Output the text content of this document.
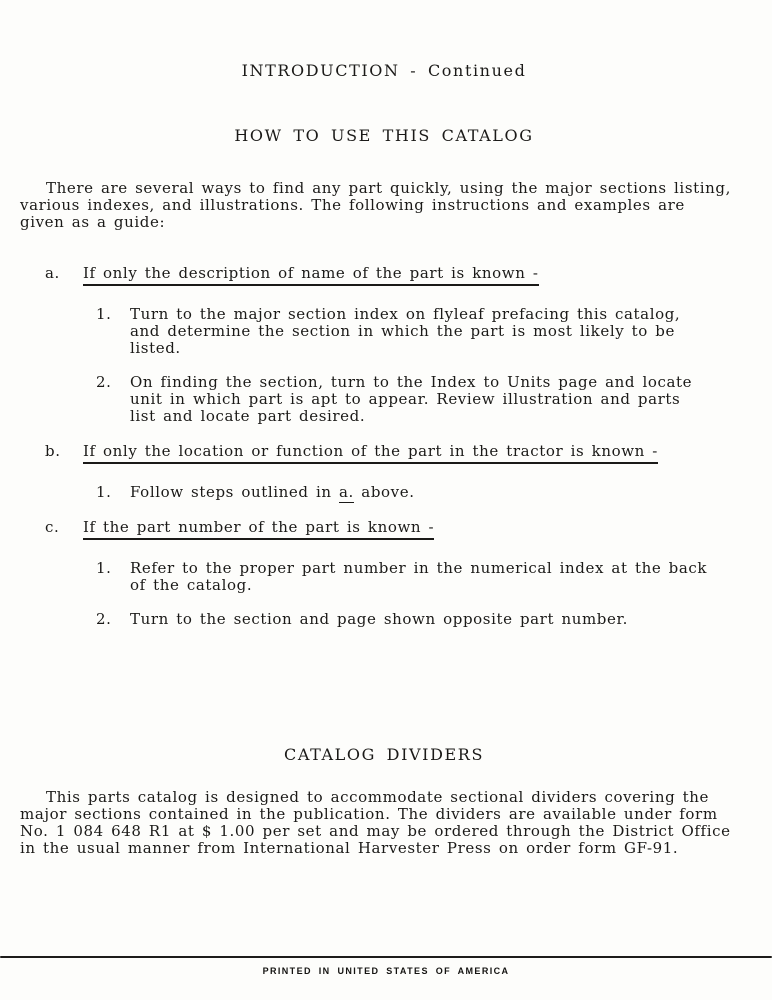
INTRODUCTION - Continued
HOW TO USE THIS CATALOG
There are several ways to find any part quickly, using the major sections listing,
various indexes, and illustrations. The following instructions and examples are
given as a guide:
a.	If only the description of name of the part is known -
1.	Turn to the major section index on flyleaf prefacing this catalog,
and determine the section in which the part is most likely to be
listed.
2.	On finding the section, turn to the Index to Units page and locate
unit in which part is apt to appear. Review illustration and parts
list and locate part desired.
b.	If only the location or function of the part in the tractor is known -
1.	Follow steps outlined in a. above.
c.	If the part number of the part is known -
1.	Refer to the proper part number in the numerical index at the back
of the catalog.
2.	Turn to the section and page shown opposite part number.
CATALOG DIVIDERS
This parts catalog is designed to accommodate sectional dividers covering the
major sections contained in the publication. The dividers are available under form
No. 1 084 648 R1 at $ 1.00 per set and may be ordered through the District Office
in the usual manner from International Harvester Press on order form GF-91.
PRINTED IN UNITED STATES OF AMERICA
